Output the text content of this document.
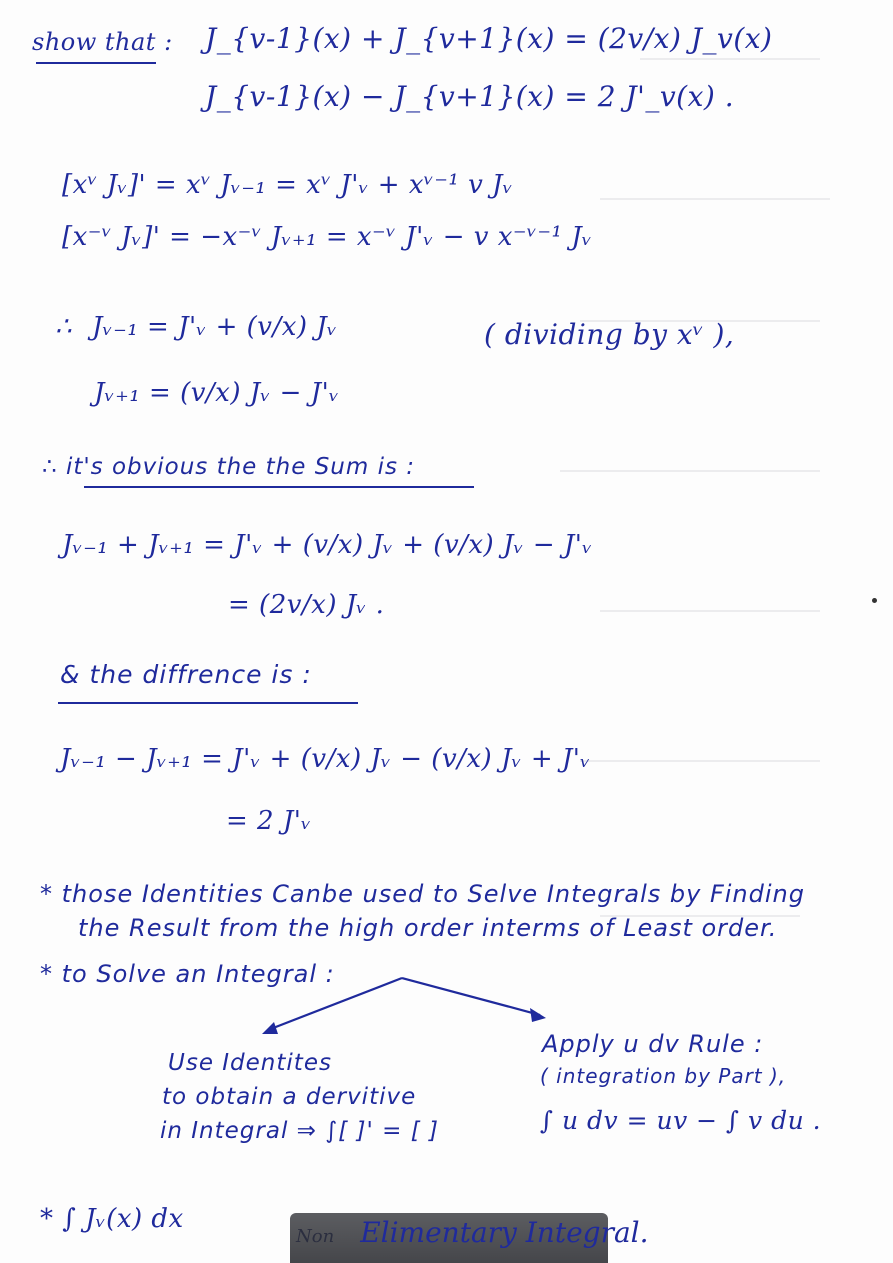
show that : J_{v-1}(x) + J_{v+1}(x) = (2v/x) J_v(x)
J_{v-1}(x) − J_{v+1}(x) = 2 J'_v(x) .
[xᵛ Jᵥ]' = xᵛ Jᵥ₋₁ = xᵛ J'ᵥ + xᵛ⁻¹ v Jᵥ
[x⁻ᵛ Jᵥ]' = −x⁻ᵛ Jᵥ₊₁ = x⁻ᵛ J'ᵥ − v x⁻ᵛ⁻¹ Jᵥ
∴ Jᵥ₋₁ = J'ᵥ + (v/x) Jᵥ	( dividing by xᵛ ),
Jᵥ₊₁ = (v/x) Jᵥ − J'ᵥ
∴ it's obvious the the Sum is :
Jᵥ₋₁ + Jᵥ₊₁ = J'ᵥ + (v/x) Jᵥ + (v/x) Jᵥ − J'ᵥ
= (2v/x) Jᵥ .
& the diffrence is :
Jᵥ₋₁ − Jᵥ₊₁ = J'ᵥ + (v/x) Jᵥ − (v/x) Jᵥ + J'ᵥ
= 2 J'ᵥ
* those Identities Canbe used to Selve Integrals by Finding
the Result from the high order interms of Least order.
* to Solve an Integral :
Use Identites
to obtain a dervitive
in Integral ⇒ ∫[ ]' = [ ]
Apply u dv Rule :
( integration by Part ),
∫ u dv = uv − ∫ v du .
* ∫ Jᵥ(x) dx
Non Elimentary Integral.
